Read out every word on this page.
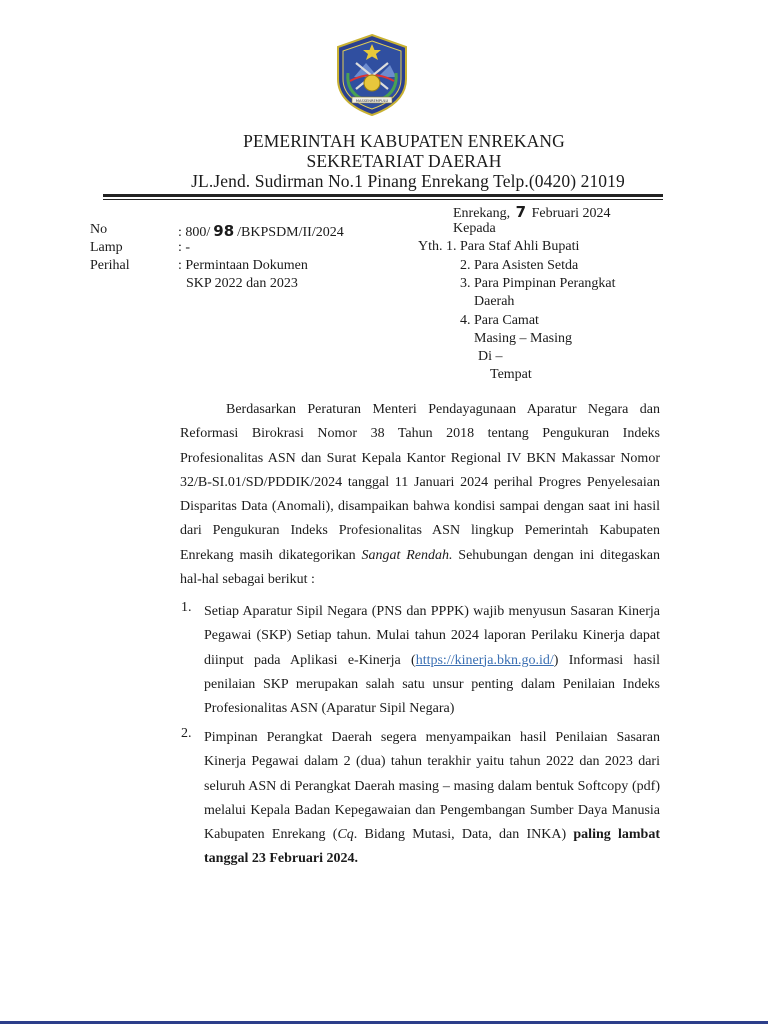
MASSENREMPULU
PEMERINTAH KABUPATEN ENREKANG
SEKRETARIAT DAERAH
JL.Jend. Sudirman No.1 Pinang Enrekang Telp.(0420) 21019
Enrekang, 7 Februari 2024
No	: 800/ 98 /BKPSDM/II/2024
Lamp	: -
Perihal	: Permintaan Dokumen
SKP 2022 dan 2023
Kepada
Yth. 1. Para Staf Ahli Bupati
2. Para Asisten Setda
3. Para Pimpinan Perangkat
Daerah
4. Para Camat
Masing – Masing
Di –
Tempat
Berdasarkan Peraturan Menteri Pendayagunaan Aparatur Negara dan Reformasi Birokrasi Nomor 38 Tahun 2018 tentang Pengukuran Indeks Profesionalitas ASN dan Surat Kepala Kantor Regional IV BKN Makassar Nomor 32/B-SI.01/SD/PDDIK/2024 tanggal 11 Januari 2024 perihal Progres Penyelesaian Disparitas Data (Anomali), disampaikan bahwa kondisi sampai dengan saat ini hasil dari Pengukuran Indeks Profesionalitas ASN lingkup Pemerintah Kabupaten Enrekang masih dikategorikan Sangat Rendah. Sehubungan dengan ini ditegaskan hal-hal sebagai berikut :
1. Setiap Aparatur Sipil Negara (PNS dan PPPK) wajib menyusun Sasaran Kinerja Pegawai (SKP) Setiap tahun. Mulai tahun 2024 laporan Perilaku Kinerja dapat diinput pada Aplikasi e-Kinerja (https://kinerja.bkn.go.id/) Informasi hasil penilaian SKP merupakan salah satu unsur penting dalam Penilaian Indeks Profesionalitas ASN (Aparatur Sipil Negara)
2. Pimpinan Perangkat Daerah segera menyampaikan hasil Penilaian Sasaran Kinerja Pegawai dalam 2 (dua) tahun terakhir yaitu tahun 2022 dan 2023 dari seluruh ASN di Perangkat Daerah masing – masing dalam bentuk Softcopy (pdf) melalui Kepala Badan Kepegawaian dan Pengembangan Sumber Daya Manusia Kabupaten Enrekang (Cq. Bidang Mutasi, Data, dan INKA) paling lambat tanggal 23 Februari 2024.
